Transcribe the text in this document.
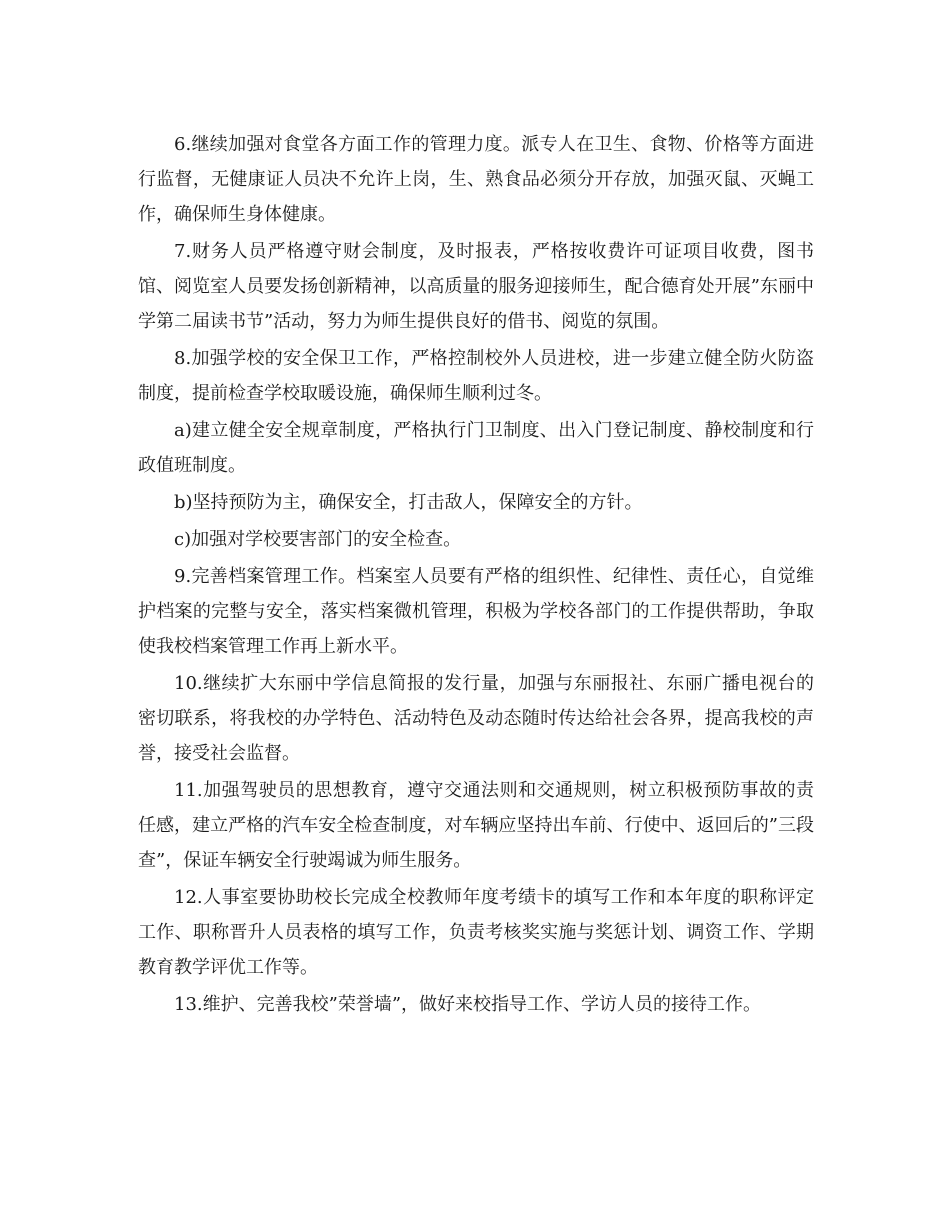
6.继续加强对食堂各方面工作的管理力度。派专人在卫生、食物、价格等方面进行监督，无健康证人员决不允许上岗，生、熟食品必须分开存放，加强灭鼠、灭蝇工作，确保师生身体健康。

7.财务人员严格遵守财会制度，及时报表，严格按收费许可证项目收费，图书馆、阅览室人员要发扬创新精神，以高质量的服务迎接师生，配合德育处开展”东丽中学第二届读书节”活动，努力为师生提供良好的借书、阅览的氛围。

8.加强学校的安全保卫工作，严格控制校外人员进校，进一步建立健全防火防盗制度，提前检查学校取暖设施，确保师生顺利过冬。

a)建立健全安全规章制度，严格执行门卫制度、出入门登记制度、静校制度和行政值班制度。

b)坚持预防为主，确保安全，打击敌人，保障安全的方针。

c)加强对学校要害部门的安全检查。

9.完善档案管理工作。档案室人员要有严格的组织性、纪律性、责任心，自觉维护档案的完整与安全，落实档案微机管理，积极为学校各部门的工作提供帮助，争取使我校档案管理工作再上新水平。

10.继续扩大东丽中学信息简报的发行量，加强与东丽报社、东丽广播电视台的密切联系，将我校的办学特色、活动特色及动态随时传达给社会各界，提高我校的声誉，接受社会监督。

11.加强驾驶员的思想教育，遵守交通法则和交通规则，树立积极预防事故的责任感，建立严格的汽车安全检查制度，对车辆应坚持出车前、行使中、返回后的”三段查”，保证车辆安全行驶竭诚为师生服务。

12.人事室要协助校长完成全校教师年度考绩卡的填写工作和本年度的职称评定工作、职称晋升人员表格的填写工作，负责考核奖实施与奖惩计划、调资工作、学期教育教学评优工作等。

13.维护、完善我校”荣誉墙”，做好来校指导工作、学访人员的接待工作。
